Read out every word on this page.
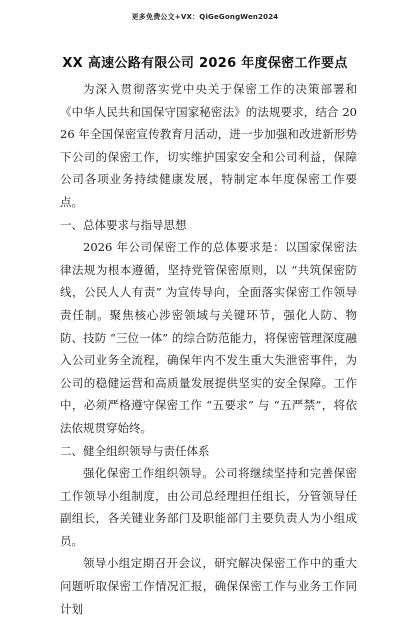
更多免费公文+VX：QiGeGongWen2024
XX 高速公路有限公司 2026 年度保密工作要点

为深入贯彻落实党中央关于保密工作的决策部署和《中华人民共和国保守国家秘密法》的法规要求，结合 2026 年全国保密宣传教育月活动，进一步加强和改进新形势下公司的保密工作，切实维护国家安全和公司利益，保障公司各项业务持续健康发展，特制定本年度保密工作要点。

一、总体要求与指导思想

2026 年公司保密工作的总体要求是：以国家保密法律法规为根本遵循，坚持党管保密原则，以 “共筑保密防线，公民人人有责” 为宣传导向，全面落实保密工作领导责任制。聚焦核心涉密领域与关键环节，强化人防、物防、技防 “三位一体” 的综合防范能力，将保密管理深度融入公司业务全流程，确保年内不发生重大失泄密事件，为公司的稳健运营和高质量发展提供坚实的安全保障。工作中，必须严格遵守保密工作 “五要求” 与 “五严禁”，将依法依规贯穿始终。

二、健全组织领导与责任体系

强化保密工作组织领导。公司将继续坚持和完善保密工作领导小组制度，由公司总经理担任组长，分管领导任副组长，各关键业务部门及职能部门主要负责人为小组成员。

领导小组定期召开会议，研究解决保密工作中的重大问题听取保密工作情况汇报，确保保密工作与业务工作同计划
